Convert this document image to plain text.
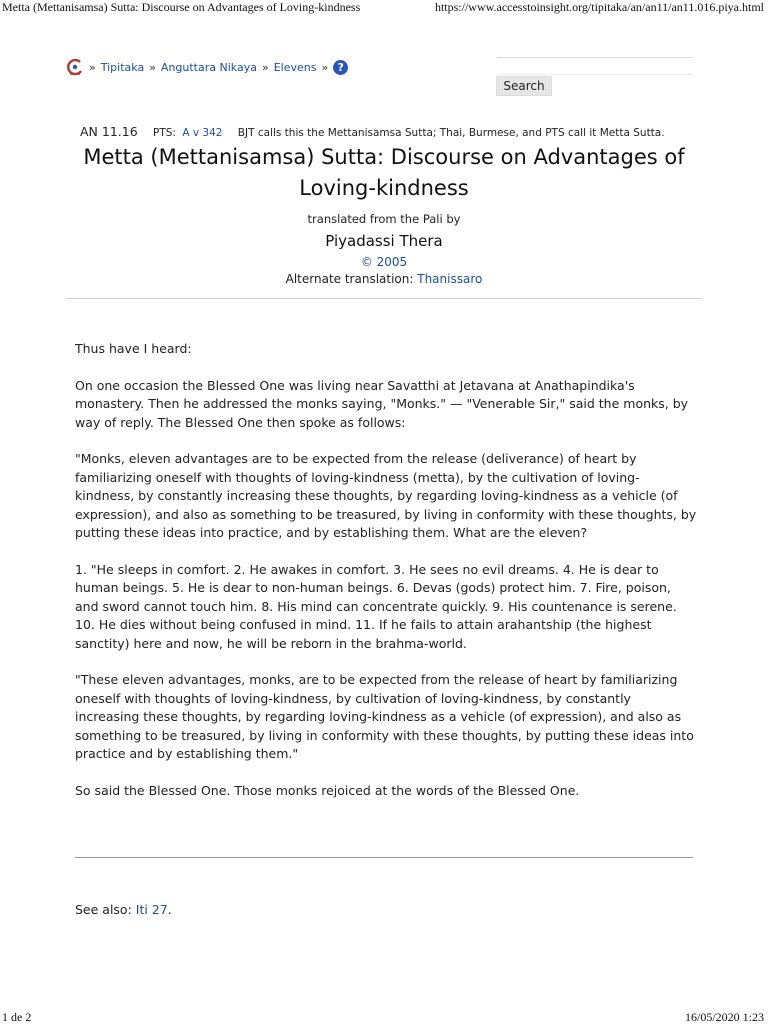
Metta (Mettanisamsa) Sutta: Discourse on Advantages of Loving-kindness	https://www.accesstoinsight.org/tipitaka/an/an11/an11.016.piya.html
» Tipitaka » Anguttara Nikaya » Elevens » ?
Search
AN 11.16 PTS: A v 342 BJT calls this the Mettanisamsa Sutta; Thai, Burmese, and PTS call it Metta Sutta.
Metta (Mettanisamsa) Sutta: Discourse on Advantages of Loving-kindness
translated from the Pali by
Piyadassi Thera
© 2005
Alternate translation: Thanissaro

Thus have I heard:

On one occasion the Blessed One was living near Savatthi at Jetavana at Anathapindika's monastery. Then he addressed the monks saying, "Monks." — "Venerable Sir," said the monks, by way of reply. The Blessed One then spoke as follows:

"Monks, eleven advantages are to be expected from the release (deliverance) of heart by familiarizing oneself with thoughts of loving-kindness (metta), by the cultivation of loving-kindness, by constantly increasing these thoughts, by regarding loving-kindness as a vehicle (of expression), and also as something to be treasured, by living in conformity with these thoughts, by putting these ideas into practice, and by establishing them. What are the eleven?

1. "He sleeps in comfort. 2. He awakes in comfort. 3. He sees no evil dreams. 4. He is dear to human beings. 5. He is dear to non-human beings. 6. Devas (gods) protect him. 7. Fire, poison, and sword cannot touch him. 8. His mind can concentrate quickly. 9. His countenance is serene. 10. He dies without being confused in mind. 11. If he fails to attain arahantship (the highest sanctity) here and now, he will be reborn in the brahma-world.

"These eleven advantages, monks, are to be expected from the release of heart by familiarizing oneself with thoughts of loving-kindness, by cultivation of loving-kindness, by constantly increasing these thoughts, by regarding loving-kindness as a vehicle (of expression), and also as something to be treasured, by living in conformity with these thoughts, by putting these ideas into practice and by establishing them."

So said the Blessed One. Those monks rejoiced at the words of the Blessed One.

See also: Iti 27.
1 de 2	16/05/2020 1:23
